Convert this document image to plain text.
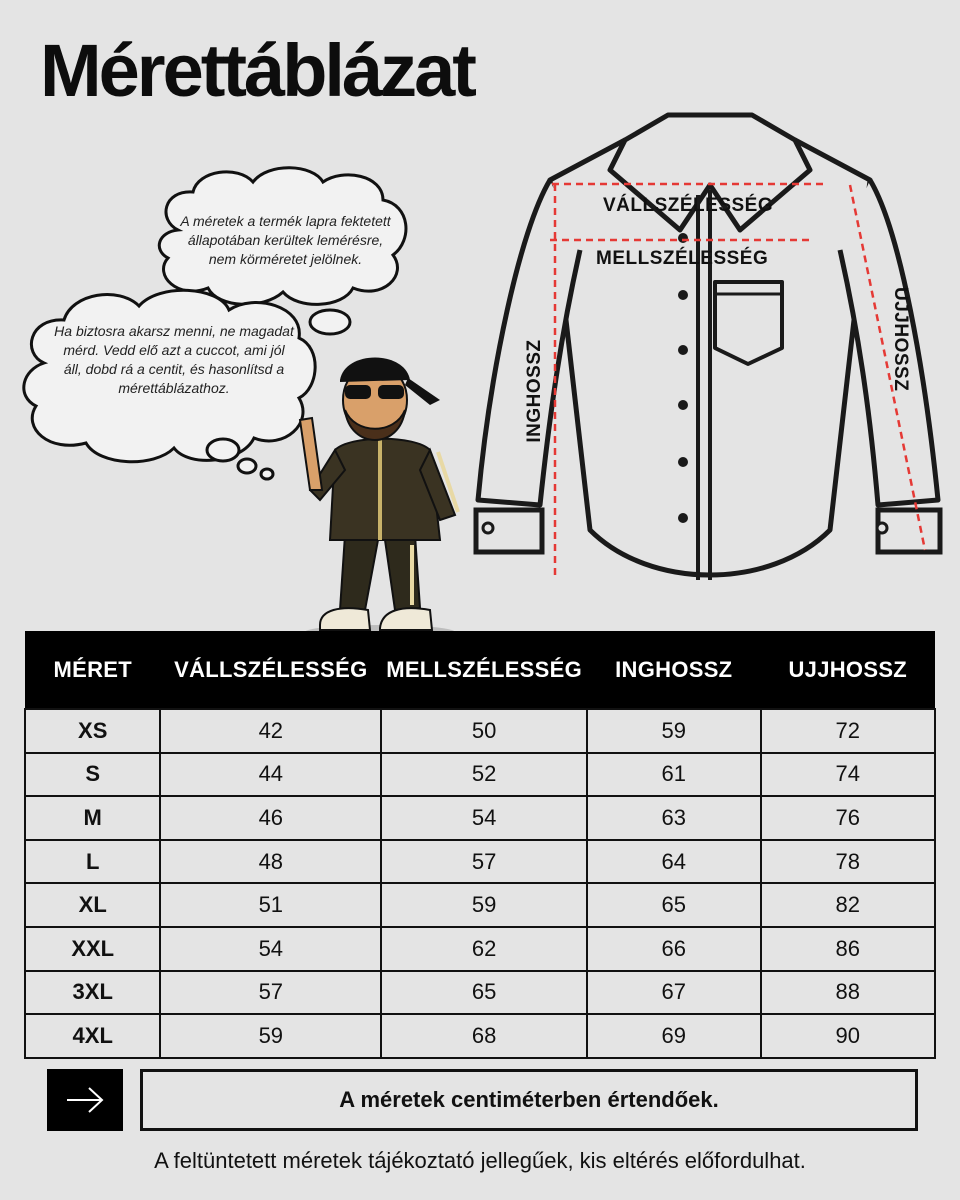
Mérettáblázat
A méretek a termék lapra fektetett állapotában kerültek lemérésre, nem körméretet jelölnek.
Ha biztosra akarsz menni, ne magadat mérd. Vedd elő azt a cuccot, ami jól áll, dobd rá a centit, és hasonlítsd a mérettáblázathoz.
VÁLLSZÉLESSÉG
MELLSZÉLESSÉG
INGHOSSZ	UJJHOSSZ
MÉRET	VÁLLSZÉLESSÉG	MELLSZÉLESSÉG	INGHOSSZ	UJJHOSSZ
XS	42	50	59	72
S	44	52	61	74
M	46	54	63	76
L	48	57	64	78
XL	51	59	65	82
XXL	54	62	66	86
3XL	57	65	67	88
4XL	59	68	69	90
A méretek centiméterben értendőek.
A feltüntetett méretek tájékoztató jellegűek, kis eltérés előfordulhat.
